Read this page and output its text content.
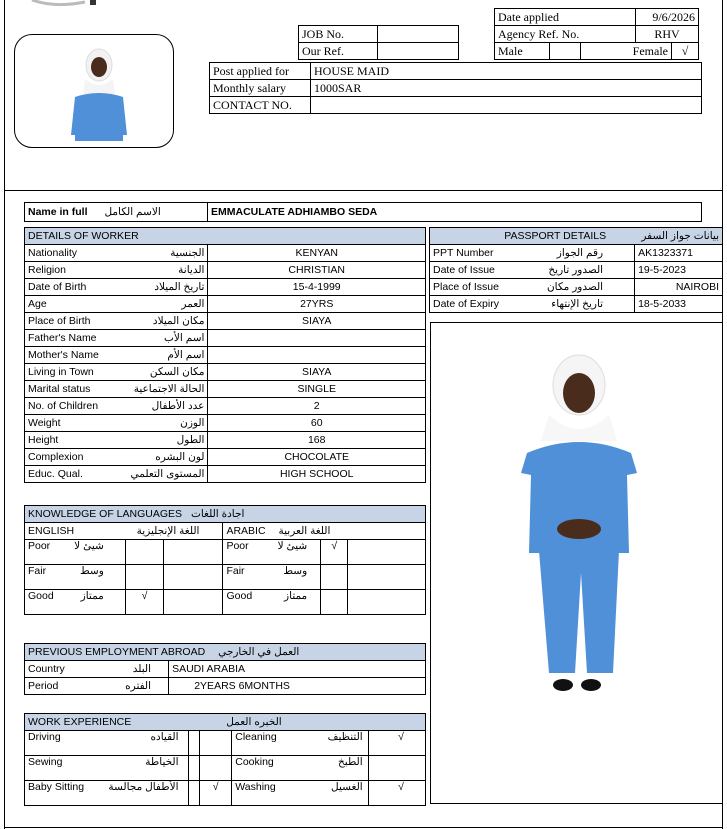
JOB No.	
Our Ref.	
Date applied			9/6/2026	
Agency Ref. No.			RHV	
Male		Female		√
Post applied for	HOUSE MAID
Monthly salary	1000SAR
CONTACT NO.	
Name in full الاسم الكامل	EMMACULATE ADHIAMBO SEDA
DETAILS OF WORKER	
Nationality الجنسية	KENYAN
Religion الديانة	CHRISTIAN
Date of Birth تاريخ الميلاد	15-4-1999
Age العمر	27YRS
Place of Birth مكان الميلاد	SIAYA
Father's Name اسم الأب	

Mother's Name اسم الأم	

Living in Town مكان السكن	SIAYA
Marital status الحالة الاجتماعية	SINGLE
No. of Children عدد الأطفال	2
Weight الوزن	60
Height الطول	168
Complexion لون البشره	CHOCOLATE
Educ. Qual. المستوى التعلمي	HIGH SCHOOL
بيانات جواز السفر
PASSPORT DETAILS	
PPT Number رقم الجواز	AK1323371
Date of Issue الصدور تاريخ	19-5-2023
Place of Issue الصدور مكان	NAIROBI
Date of Expiry تاريخ الإنتهاء	18-5-2033
KNOWLEDGE OF LANGUAGES اجادة اللغات					
ENGLISH اللغة الإنجليزية			ARABIC اللغة العربية		
Poor شيئ لا			Poor شيئ لا	√	
Fair وسط			Fair وسط		

Good ممتاز	√		Good ممتاز		

PREVIOUS EMPLOYMENT ABROAD العمل في الخارجي		
Country البلد	SAUDI ARABIA	
Period الفتره		2YEARS 6MONTHS
WORK EXPERIENCE الخبره العمل					
Driving القياده			Cleaning التنظيف		√
Sewing الخياطة			Cooking الطبخ		

Baby Sitting الأطفال مجالسة		√	Washing الغسيل		√
